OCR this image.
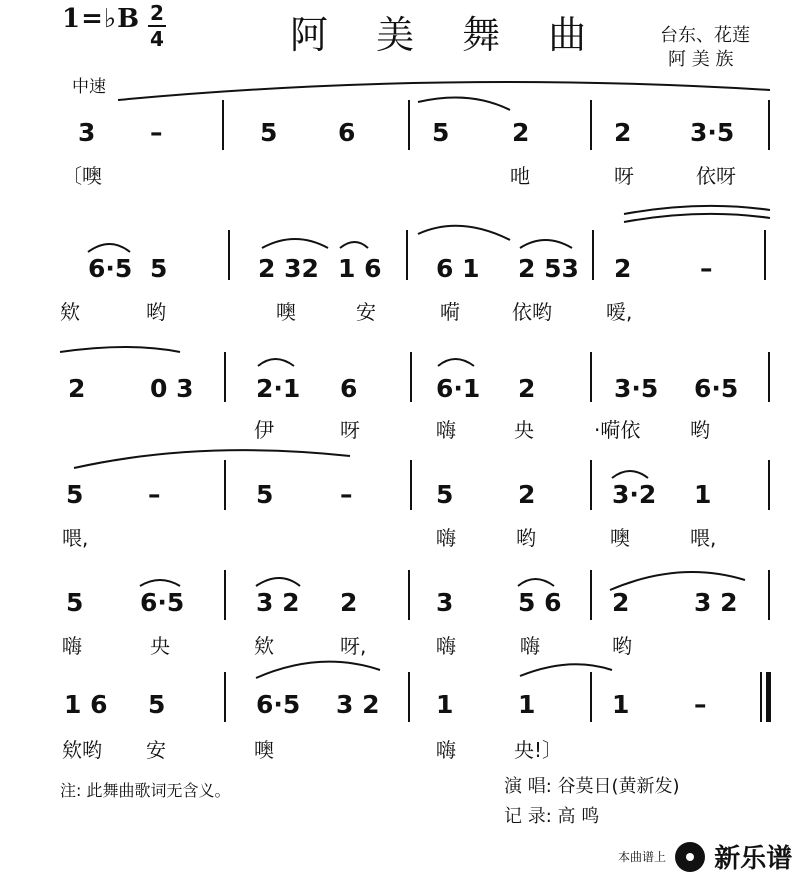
1=♭B 2
4	阿 美 舞 曲	台东、花莲
阿 美 族
中速
3 –	5 6	5	2	2 3·5
〔噢	吔	呀	依呀
6·5 5	2 32 1 6 6 1 2 53 2	–
欸	哟	噢	安	嗬	依哟	嗳,
2	0 3	2·1 6	6·1 2	3·5 6·5
伊	呀	嗨	央	·嗬依 哟
5	–	5	–	5	2	3·2 1
喂,	嗨	哟	噢	喂,
5 6·5	3 2 2	3	5 6 2	3 2
嗨	央	欸	呀,	嗨	嗨	哟
1 6 5	6·5 3 2 1	1	1	–
欸哟 安	噢	嗨	央!〕
注: 此舞曲歌词无含义。	演 唱: 谷莫日(黄新发)
记 录: 高 鸣
本曲谱上 新乐谱
